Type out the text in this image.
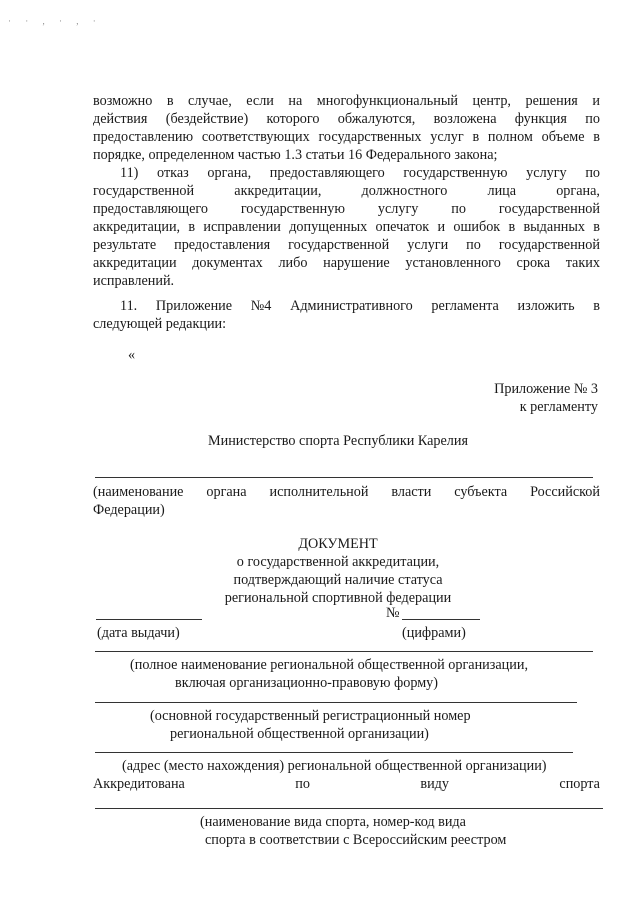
· · , · , ·
возможно в случае, если на многофункциональный центр, решения и
действия (бездействие) которого обжалуются, возложена функция по
предоставлению соответствующих государственных услуг в полном объеме в
порядке, определенном частью 1.3 статьи 16 Федерального закона;
11) отказ органа, предоставляющего государственную услугу по
государственной	аккредитации,	должностного	лица	органа,
предоставляющего государственную услугу по государственной
аккредитации, в исправлении допущенных опечаток и ошибок в выданных в
результате предоставления государственной услуги по государственной
аккредитации документах либо нарушение установленного срока таких
исправлений.
11. Приложение №4 Административного регламента изложить в
следующей редакции:
«
Приложение № 3
к регламенту
Министерство спорта Республики Карелия
(наименование органа исполнительной власти субъекта Российской
Федерации)
ДОКУМЕНТ
о государственной аккредитации,
подтверждающий наличие статуса
региональной спортивной федерации
№
(дата выдачи)	(цифрами)
(полное наименование региональной общественной организации,
включая организационно-правовую форму)
(основной государственный регистрационный номер
региональной общественной организации)
(адрес (место нахождения) региональной общественной организации)
Аккредитована	по	виду	спорта
(наименование вида спорта, номер-код вида
спорта в соответствии с Всероссийским реестром
